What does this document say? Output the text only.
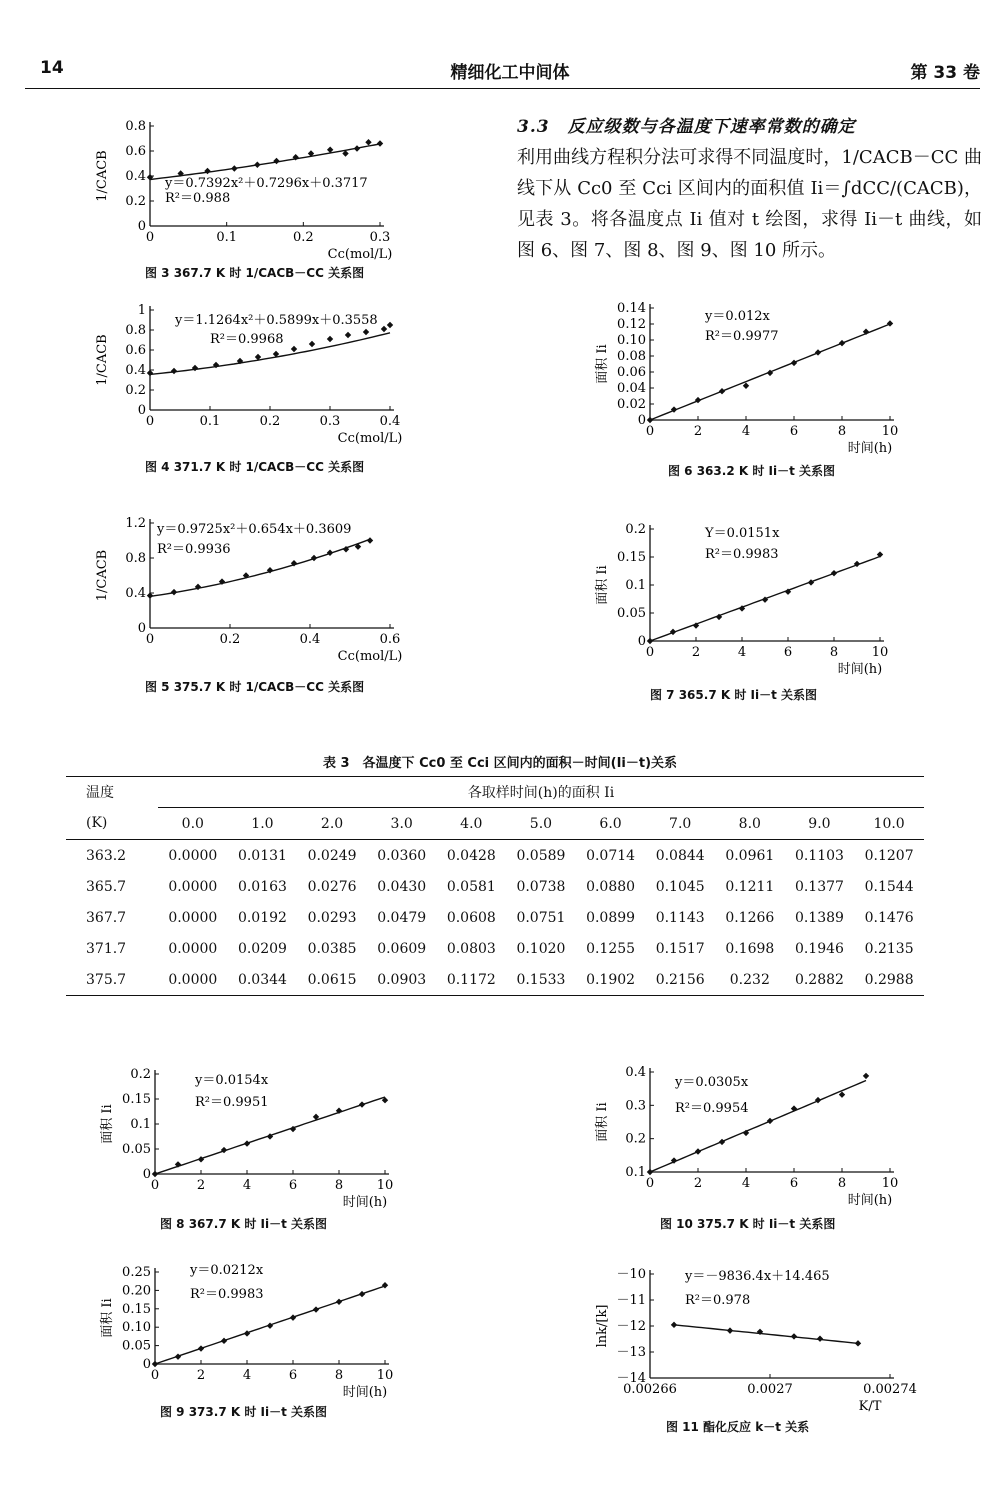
14	精细化工中间体	第 33 卷
3.3　反应级数与各温度下速率常数的确定
利用曲线方程积分法可求得不同温度时，1/CACB－CC 曲线下从 Cc0 至 Cci 区间内的面积值 Ii＝∫dCC/(CACB)，见表 3。将各温度点 Ii 值对 t 绘图，求得 Ii－t 曲线，如图 6、图 7、图 8、图 9、图 10 所示。
0	0.1	0.2	0.3
0
0.2
0.4
0.6
0.8
1/CACB
Cc(mol/L)
y＝0.7392x²＋0.7296x＋0.3717
R²＝0.988
图 3 367.7 K 时 1/CACB－CC 关系图
0	0.1	0.2	0.3	0.4
0
0.2
0.4
0.6
0.8
1
1/CACB
Cc(mol/L)
y＝1.1264x²＋0.5899x＋0.3558
R²＝0.9968
图 4 371.7 K 时 1/CACB－CC 关系图
0	0.2	0.4	0.6
0
0.4
0.8
1.2
1/CACB
Cc(mol/L)
y＝0.9725x²＋0.654x＋0.3609
R²＝0.9936
图 5 375.7 K 时 1/CACB－CC 关系图
0	2	4	6	8	10
0
0.02
0.04
0.06
0.08
0.10
0.12
0.14
面积 Ii
时间(h)
y＝0.012x
R²＝0.9977
图 6 363.2 K 时 Ii－t 关系图
0	2	4	6	8	10
0
0.05
0.1
0.15
0.2
面积 Ii
时间(h)
Y＝0.0151x
R²＝0.9983
图 7 365.7 K 时 Ii－t 关系图
表 3　各温度下 Cc0 至 Cci 区间内的面积－时间(Ii－t)关系
温度	各取样时间(h)的面积 Ii										
(K)	0.0	1.0	2.0	3.0	4.0	5.0	6.0	7.0	8.0	9.0	10.0
363.2	0.0000	0.0131	0.0249	0.0360	0.0428	0.0589	0.0714	0.0844	0.0961	0.1103	0.1207
365.7	0.0000	0.0163	0.0276	0.0430	0.0581	0.0738	0.0880	0.1045	0.1211	0.1377	0.1544
367.7	0.0000	0.0192	0.0293	0.0479	0.0608	0.0751	0.0899	0.1143	0.1266	0.1389	0.1476
371.7	0.0000	0.0209	0.0385	0.0609	0.0803	0.1020	0.1255	0.1517	0.1698	0.1946	0.2135
375.7	0.0000	0.0344	0.0615	0.0903	0.1172	0.1533	0.1902	0.2156	0.232	0.2882	0.2988
0	2	4	6	8	10
0
0.05
0.1
0.15
0.2
面积 Ii
时间(h)
y＝0.0154x
R²＝0.9951
图 8 367.7 K 时 Ii－t 关系图
0	2	4	6	8	10
0.1
0.2
0.3
0.4
面积 Ii
时间(h)
y＝0.0305x
R²＝0.9954
图 10 375.7 K 时 Ii－t 关系图
0	2	4	6	8	10
0
0.05
0.10
0.15
0.20
0.25
面积 Ii
时间(h)
y＝0.0212x
R²＝0.9983
图 9 373.7 K 时 Ii－t 关系图
0.00266	0.0027	0.00274
－14
－13
－12
－11
－10
lnk/[k]
K/T
y＝－9836.4x＋14.465
R²＝0.978
图 11 酯化反应 k－t 关系
